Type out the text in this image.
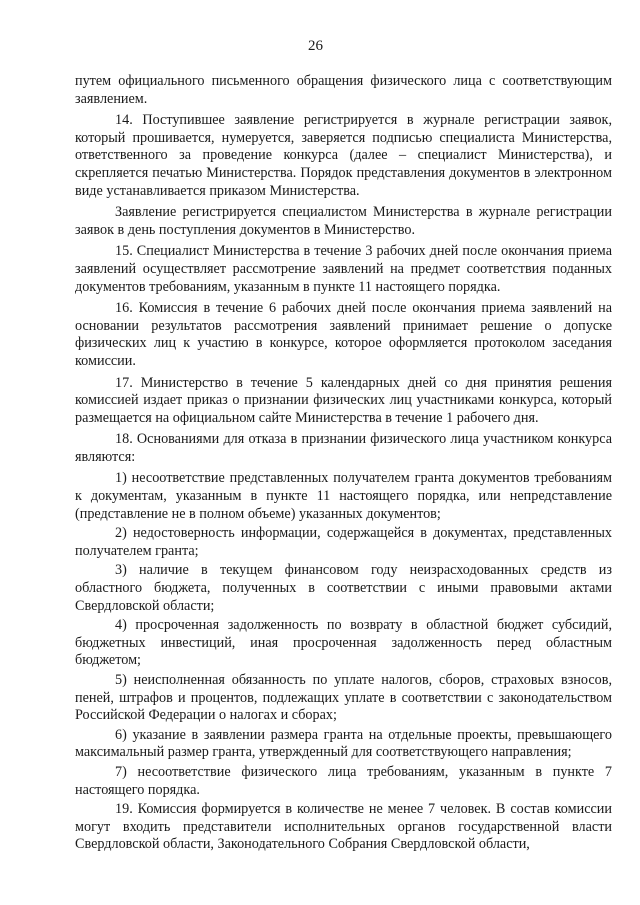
26

путем официального письменного обращения физического лица с соответствующим заявлением.

14. Поступившее заявление регистрируется в журнале регистрации заявок, который прошивается, нумеруется, заверяется подписью специалиста Министерства, ответственного за проведение конкурса (далее – специалист Министерства), и скрепляется печатью Министерства. Порядок представления документов в электронном виде устанавливается приказом Министерства.

Заявление регистрируется специалистом Министерства в журнале регистрации заявок в день поступления документов в Министерство.

15. Специалист Министерства в течение 3 рабочих дней после окончания приема заявлений осуществляет рассмотрение заявлений на предмет соответствия поданных документов требованиям, указанным в пункте 11 настоящего порядка.

16. Комиссия в течение 6 рабочих дней после окончания приема заявлений на основании результатов рассмотрения заявлений принимает решение о допуске физических лиц к участию в конкурсе, которое оформляется протоколом заседания комиссии.

17. Министерство в течение 5 календарных дней со дня принятия решения комиссией издает приказ о признании физических лиц участниками конкурса, который размещается на официальном сайте Министерства в течение 1 рабочего дня.

18. Основаниями для отказа в признании физического лица участником конкурса являются:

1) несоответствие представленных получателем гранта документов требованиям к документам, указанным в пункте 11 настоящего порядка, или непредставление (представление не в полном объеме) указанных документов;

2) недостоверность информации, содержащейся в документах, представленных получателем гранта;

3) наличие в текущем финансовом году неизрасходованных средств из областного бюджета, полученных в соответствии с иными правовыми актами Свердловской области;

4) просроченная задолженность по возврату в областной бюджет субсидий, бюджетных инвестиций, иная просроченная задолженность перед областным бюджетом;

5) неисполненная обязанность по уплате налогов, сборов, страховых взносов, пеней, штрафов и процентов, подлежащих уплате в соответствии с законодательством Российской Федерации о налогах и сборах;

6) указание в заявлении размера гранта на отдельные проекты, превышающего максимальный размер гранта, утвержденный для соответствующего направления;

7) несоответствие физического лица требованиям, указанным в пункте 7 настоящего порядка.

19. Комиссия формируется в количестве не менее 7 человек. В состав комиссии могут входить представители исполнительных органов государственной власти Свердловской области, Законодательного Собрания Свердловской области,
